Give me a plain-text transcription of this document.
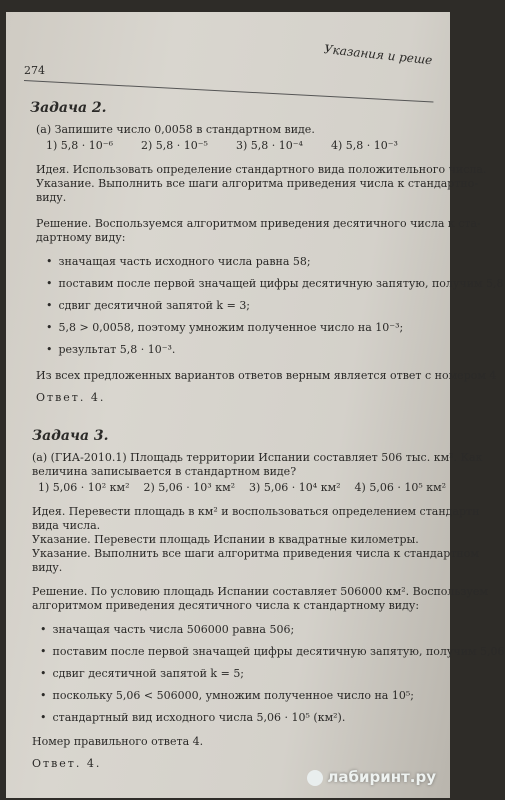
274
Указания и реше
Задача 2.
(а) Запишите число 0,0058 в стандартном виде.
1) 5,8 · 10⁻⁶	2) 5,8 · 10⁻⁵	3) 5,8 · 10⁻⁴	4) 5,8 · 10⁻³
Идея. Использовать определение стандартного вида положительного числа.
Указание. Выполнить все шаги алгоритма приведения числа к стандартно-
виду.
Решение. Воспользуемся алгоритмом приведения десятичного числа к ста-
дартному виду:
• значащая часть исходного числа равна 58;
• поставим после первой значащей цифры десятичную запятую, получим 5,8
• сдвиг десятичной запятой k = 3;
• 5,8 > 0,0058, поэтому умножим полученное число на 10⁻³;
• результат 5,8 · 10⁻³.
Из всех предложенных вариантов ответов верным является ответ с номером 4
Ответ. 4.
Задача 3.
(а) (ГИА-2010.1) Площадь территории Испании составляет 506 тыс. км². Как
величина записывается в стандартном виде?
1) 5,06 · 10² км² 2) 5,06 · 10³ км² 3) 5,06 · 10⁴ км² 4) 5,06 · 10⁵ км²
Идея. Перевести площадь в км² и воспользоваться определением стандартн
вида числа.
Указание. Перевести площадь Испании в квадратные километры.
Указание. Выполнить все шаги алгоритма приведения числа к стандартном
виду.
Решение. По условию площадь Испании составляет 506000 км². Воспользуем
алгоритмом приведения десятичного числа к стандартному виду:
• значащая часть числа 506000 равна 506;
• поставим после первой значащей цифры десятичную запятую, получим 5,06
• сдвиг десятичной запятой k = 5;
• поскольку 5,06 < 506000, умножим полученное число на 10⁵;
• стандартный вид исходного числа 5,06 · 10⁵ (км²).
Номер правильного ответа 4.
Ответ. 4.
лабиринт.ру
